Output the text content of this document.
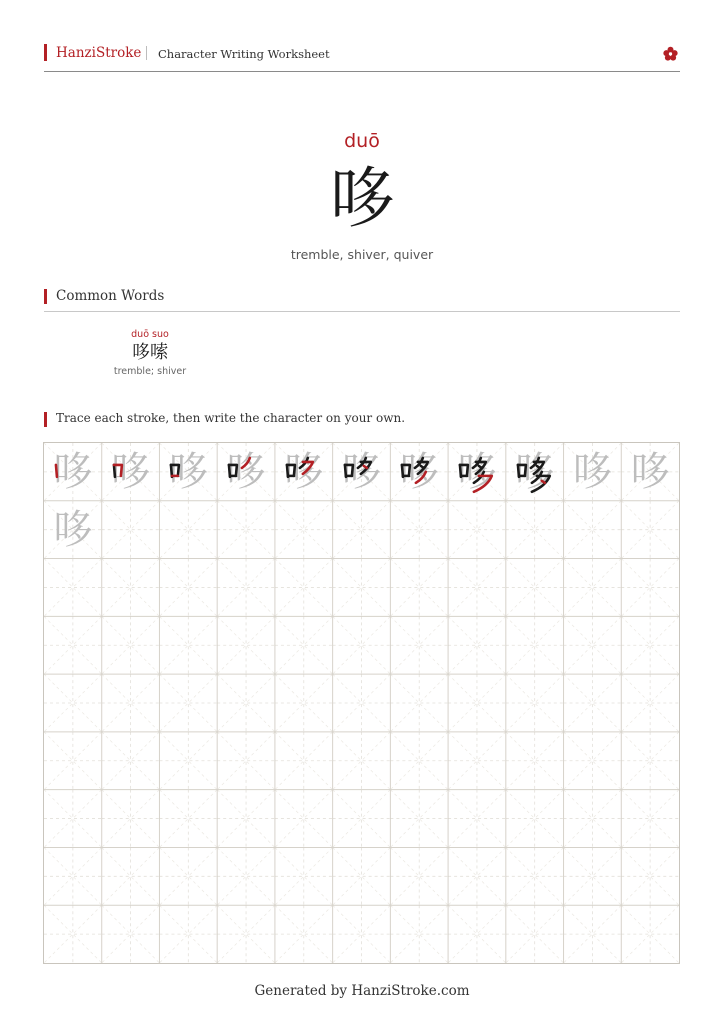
HanziStroke Character Writing Worksheet
duō
哆
tremble, shiver, quiver
Common Words
duō suo
哆嗦
tremble; shiver
Trace each stroke, then write the character on your own.
哆 哆 哆 哆 哆 哆 哆 哆 哆 哆 哆
哆
Generated by HanziStroke.com
